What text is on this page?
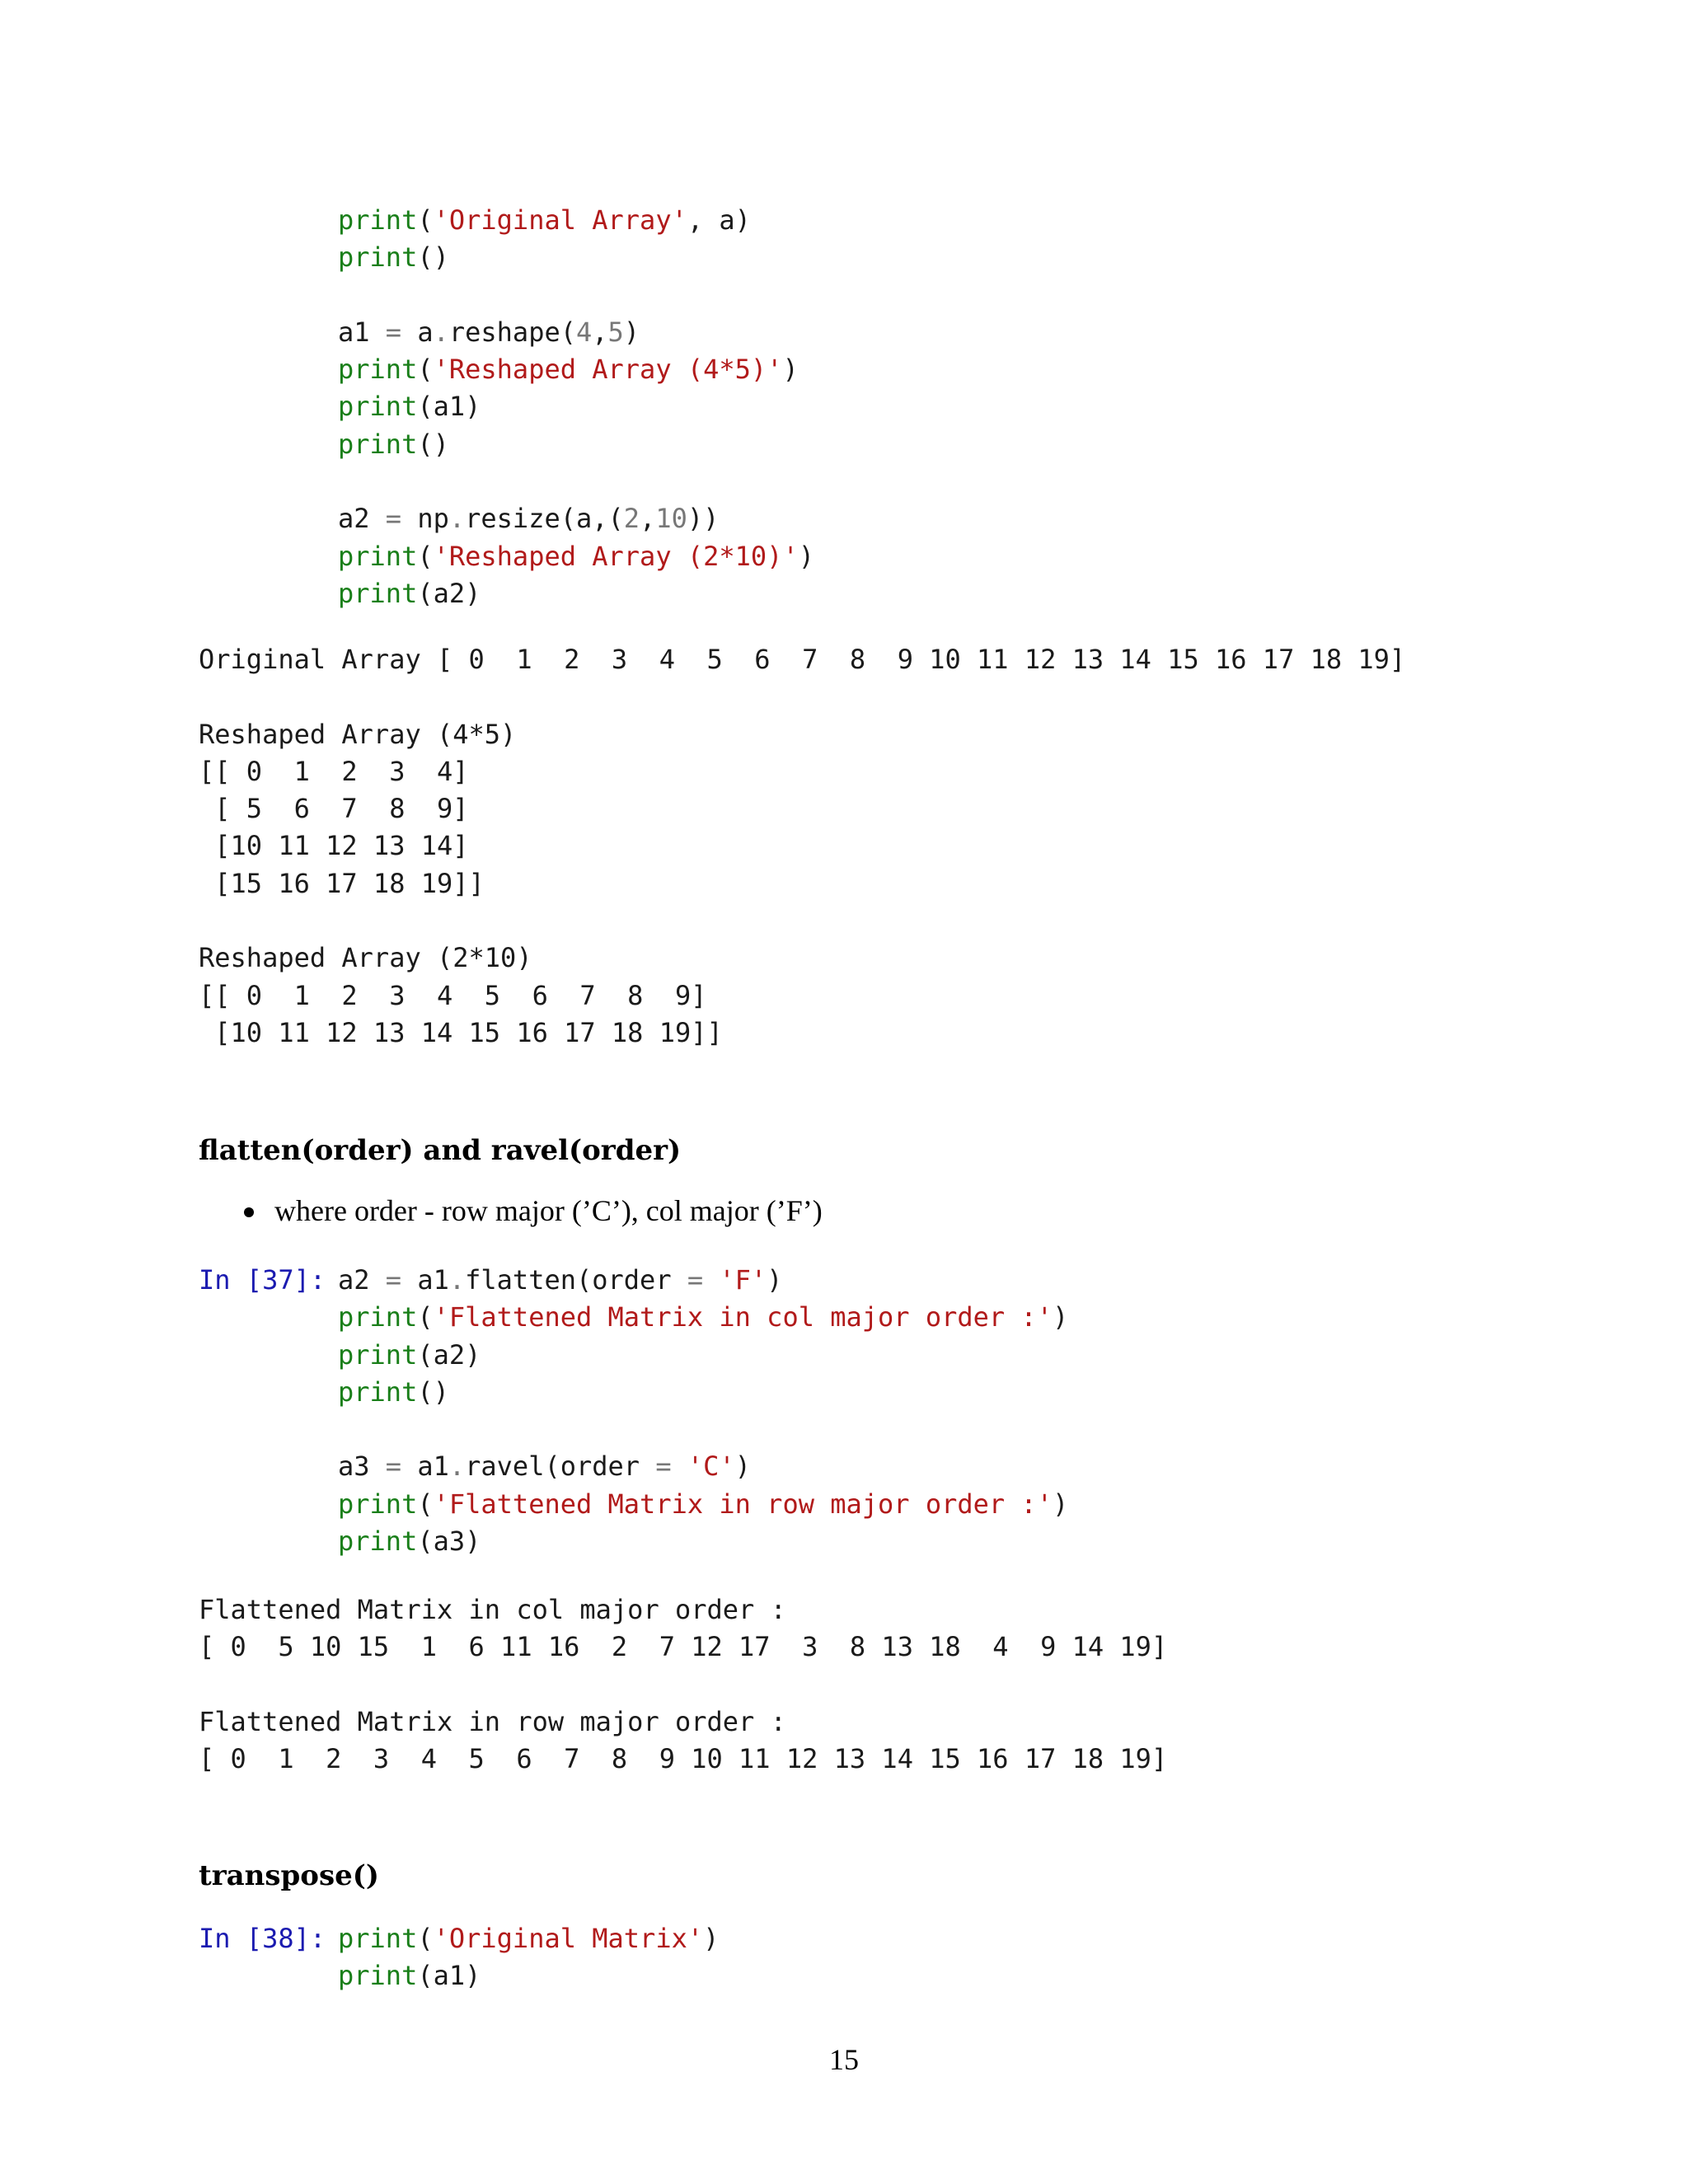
print('Original Array', a)
print()
a1 = a.reshape(4,5)
print('Reshaped Array (4*5)')
print(a1)
print()
a2 = np.resize(a,(2,10))
print('Reshaped Array (2*10)')
print(a2)
Original Array [ 0  1  2  3  4  5  6  7  8  9 10 11 12 13 14 15 16 17 18 19]
Reshaped Array (4*5)
[[ 0  1  2  3  4]
[ 5  6  7  8  9]
[10 11 12 13 14]
[15 16 17 18 19]]
Reshaped Array (2*10)
[[ 0  1  2  3  4  5  6  7  8  9]
[10 11 12 13 14 15 16 17 18 19]]
flatten(order) and ravel(order)
where order - row major (’C’), col major (’F’)
In [37]: a2 = a1.flatten(order = 'F')
print('Flattened Matrix in col major order :')
print(a2)
print()
a3 = a1.ravel(order = 'C')
print('Flattened Matrix in row major order :')
print(a3)
Flattened Matrix in col major order :
[ 0  5 10 15  1  6 11 16  2  7 12 17  3  8 13 18  4  9 14 19]
Flattened Matrix in row major order :
[ 0  1  2  3  4  5  6  7  8  9 10 11 12 13 14 15 16 17 18 19]
transpose()
In [38]: print('Original Matrix')
print(a1)
15
